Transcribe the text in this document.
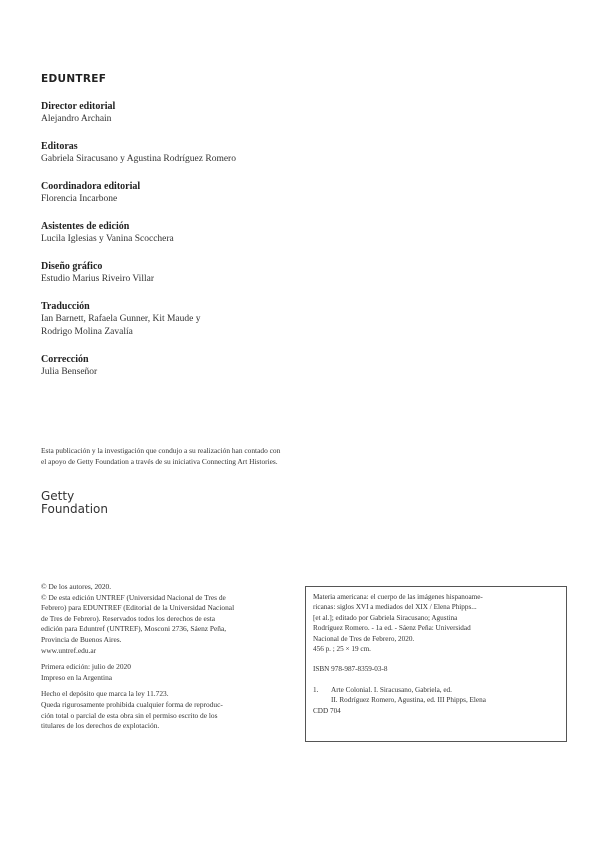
EDUNTREF
Director editorial
Alejandro Archain
Editoras
Gabriela Siracusano y Agustina Rodríguez Romero
Coordinadora editorial
Florencia Incarbone
Asistentes de edición
Lucila Iglesias y Vanina Scocchera
Diseño gráfico
Estudio Marius Riveiro Villar
Traducción
Ian Barnett, Rafaela Gunner, Kit Maude y
Rodrigo Molina Zavalía
Corrección
Julia Benseñor
Esta publicación y la investigación que condujo a su realización han contado con el apoyo de Getty Foundation a través de su iniciativa Connecting Art Histories.
Getty
Foundation
© De los autores, 2020.
© De esta edición UNTREF (Universidad Nacional de Tres de
Febrero) para EDUNTREF (Editorial de la Universidad Nacional
de Tres de Febrero). Reservados todos los derechos de esta
edición para Eduntref (UNTREF), Mosconi 2736, Sáenz Peña,
Provincia de Buenos Aires.
www.untref.edu.ar
Primera edición: julio de 2020
Impreso en la Argentina
Hecho el depósito que marca la ley 11.723.
Queda rigurosamente prohibida cualquier forma de reproduc-
ción total o parcial de esta obra sin el permiso escrito de los
titulares de los derechos de explotación.
Materia americana: el cuerpo de las imágenes hispanoame-
ricanas: siglos XVI a mediados del XIX / Elena Phipps...
[et al.]; editado por Gabriela Siracusano; Agustina
Rodríguez Romero. - 1a ed. - Sáenz Peña: Universidad
Nacional de Tres de Febrero, 2020.
456 p. ; 25 × 19 cm.
ISBN 978-987-8359-03-8
1.	Arte Colonial. I. Siracusano, Gabriela, ed.
II. Rodríguez Romero, Agustina, ed. III Phipps, Elena
CDD 704
